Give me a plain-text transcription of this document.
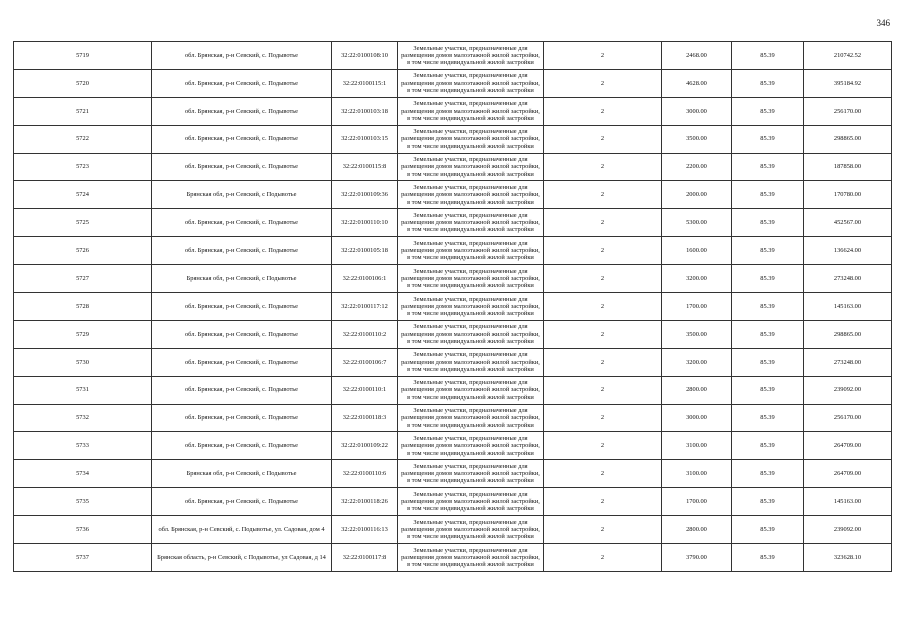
346
5719	обл. Брянская, р-н Севский, с. Подывотье	32:22:0100108:10	Земельные участки, предназначенные для размещения домов малоэтажной жилой застройки, в том числе индивидуальной жилой застройки	2	2468.00	85.39	210742.52
5720	обл. Брянская, р-н Севский, с. Подывотье	32:22:0100115:1	Земельные участки, предназначенные для размещения домов малоэтажной жилой застройки, в том числе индивидуальной жилой застройки	2	4628.00	85.39	395184.92
5721	обл. Брянская, р-н Севский, с. Подывотье	32:22:0100103:18	Земельные участки, предназначенные для размещения домов малоэтажной жилой застройки, в том числе индивидуальной жилой застройки	2	3000.00	85.39	256170.00
5722	обл. Брянская, р-н Севский, с. Подывотье	32:22:0100103:15	Земельные участки, предназначенные для размещения домов малоэтажной жилой застройки, в том числе индивидуальной жилой застройки	2	3500.00	85.39	298865.00
5723	обл. Брянская, р-н Севский, с. Подывотье	32:22:0100115:8	Земельные участки, предназначенные для размещения домов малоэтажной жилой застройки, в том числе индивидуальной жилой застройки	2	2200.00	85.39	187858.00
5724	Брянская обл, р-н Севский, с Подывотье	32:22:0100109:36	Земельные участки, предназначенные для размещения домов малоэтажной жилой застройки, в том числе индивидуальной жилой застройки	2	2000.00	85.39	170780.00
5725	обл. Брянская, р-н Севский, с. Подывотье	32:22:0100110:10	Земельные участки, предназначенные для размещения домов малоэтажной жилой застройки, в том числе индивидуальной жилой застройки	2	5300.00	85.39	452567.00
5726	обл. Брянская, р-н Севский, с. Подывотье	32:22:0100105:18	Земельные участки, предназначенные для размещения домов малоэтажной жилой застройки, в том числе индивидуальной жилой застройки	2	1600.00	85.39	136624.00
5727	Брянская обл, р-н Севский, с Подывотье	32:22:0100106:1	Земельные участки, предназначенные для размещения домов малоэтажной жилой застройки, в том числе индивидуальной жилой застройки	2	3200.00	85.39	273248.00
5728	обл. Брянская, р-н Севский, с. Подывотье	32:22:0100117:12	Земельные участки, предназначенные для размещения домов малоэтажной жилой застройки, в том числе индивидуальной жилой застройки	2	1700.00	85.39	145163.00
5729	обл. Брянская, р-н Севский, с. Подывотье	32:22:0100110:2	Земельные участки, предназначенные для размещения домов малоэтажной жилой застройки, в том числе индивидуальной жилой застройки	2	3500.00	85.39	298865.00
5730	обл. Брянская, р-н Севский, с. Подывотье	32:22:0100106:7	Земельные участки, предназначенные для размещения домов малоэтажной жилой застройки, в том числе индивидуальной жилой застройки	2	3200.00	85.39	273248.00
5731	обл. Брянская, р-н Севский, с. Подывотье	32:22:0100110:1	Земельные участки, предназначенные для размещения домов малоэтажной жилой застройки, в том числе индивидуальной жилой застройки	2	2800.00	85.39	239092.00
5732	обл. Брянская, р-н Севский, с. Подывотье	32:22:0100118:3	Земельные участки, предназначенные для размещения домов малоэтажной жилой застройки, в том числе индивидуальной жилой застройки	2	3000.00	85.39	256170.00
5733	обл. Брянская, р-н Севский, с. Подывотье	32:22:0100109:22	Земельные участки, предназначенные для размещения домов малоэтажной жилой застройки, в том числе индивидуальной жилой застройки	2	3100.00	85.39	264709.00
5734	Брянская обл, р-н Севский, с Подывотье	32:22:0100110:6	Земельные участки, предназначенные для размещения домов малоэтажной жилой застройки, в том числе индивидуальной жилой застройки	2	3100.00	85.39	264709.00
5735	обл. Брянская, р-н Севский, с. Подывотье	32:22:0100118:26	Земельные участки, предназначенные для размещения домов малоэтажной жилой застройки, в том числе индивидуальной жилой застройки	2	1700.00	85.39	145163.00
5736	обл. Брянская, р-н Севский, с. Подывотье, ул. Садовая, дом 4	32:22:0100116:13	Земельные участки, предназначенные для размещения домов малоэтажной жилой застройки, в том числе индивидуальной жилой застройки	2	2800.00	85.39	239092.00
5737	Брянская область, р-н Севский, с Подывотье, ул Садовая, д 14	32:22:0100117:8	Земельные участки, предназначенные для размещения домов малоэтажной жилой застройки, в том числе индивидуальной жилой застройки	2	3790.00	85.39	323628.10
